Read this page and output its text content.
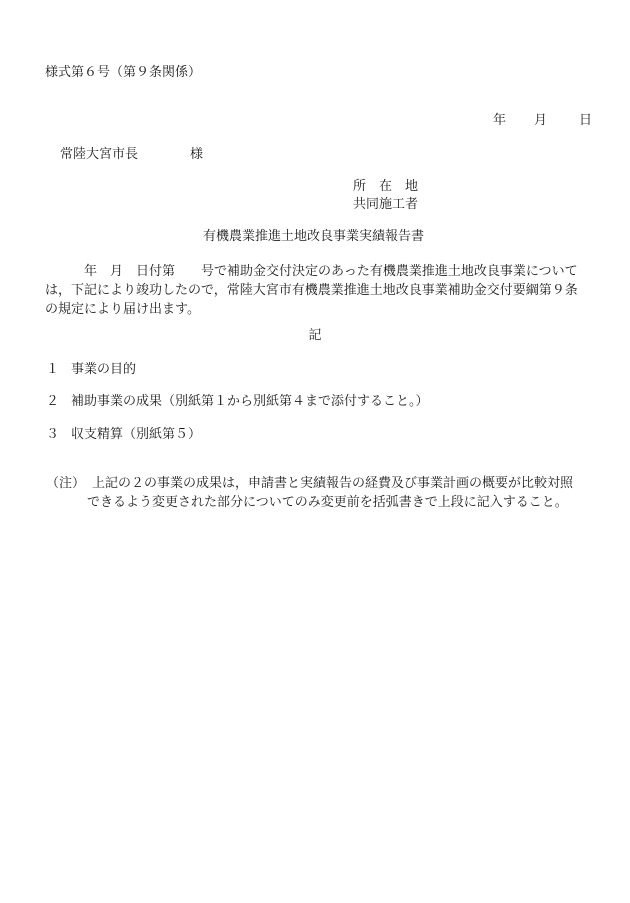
様式第６号（第９条関係）
年 月 日
常陸大宮市長	様
所　在　地
共同施工者
有機農業推進土地改良事業実績報告書
　　　年　月　日付第　　号で補助金交付決定のあった有機農業推進土地改良事業については，下記により竣功したので，常陸大宮市有機農業推進土地改良事業補助金交付要綱第９条の規定により届け出ます。
記
１ 事業の目的
２ 補助事業の成果（別紙第１から別紙第４まで添付すること。）
３ 収支精算（別紙第５）
（注） 上記の２の事業の成果は，申請書と実績報告の経費及び事業計画の概要が比較対照
できるよう変更された部分についてのみ変更前を括弧書きで上段に記入すること。
